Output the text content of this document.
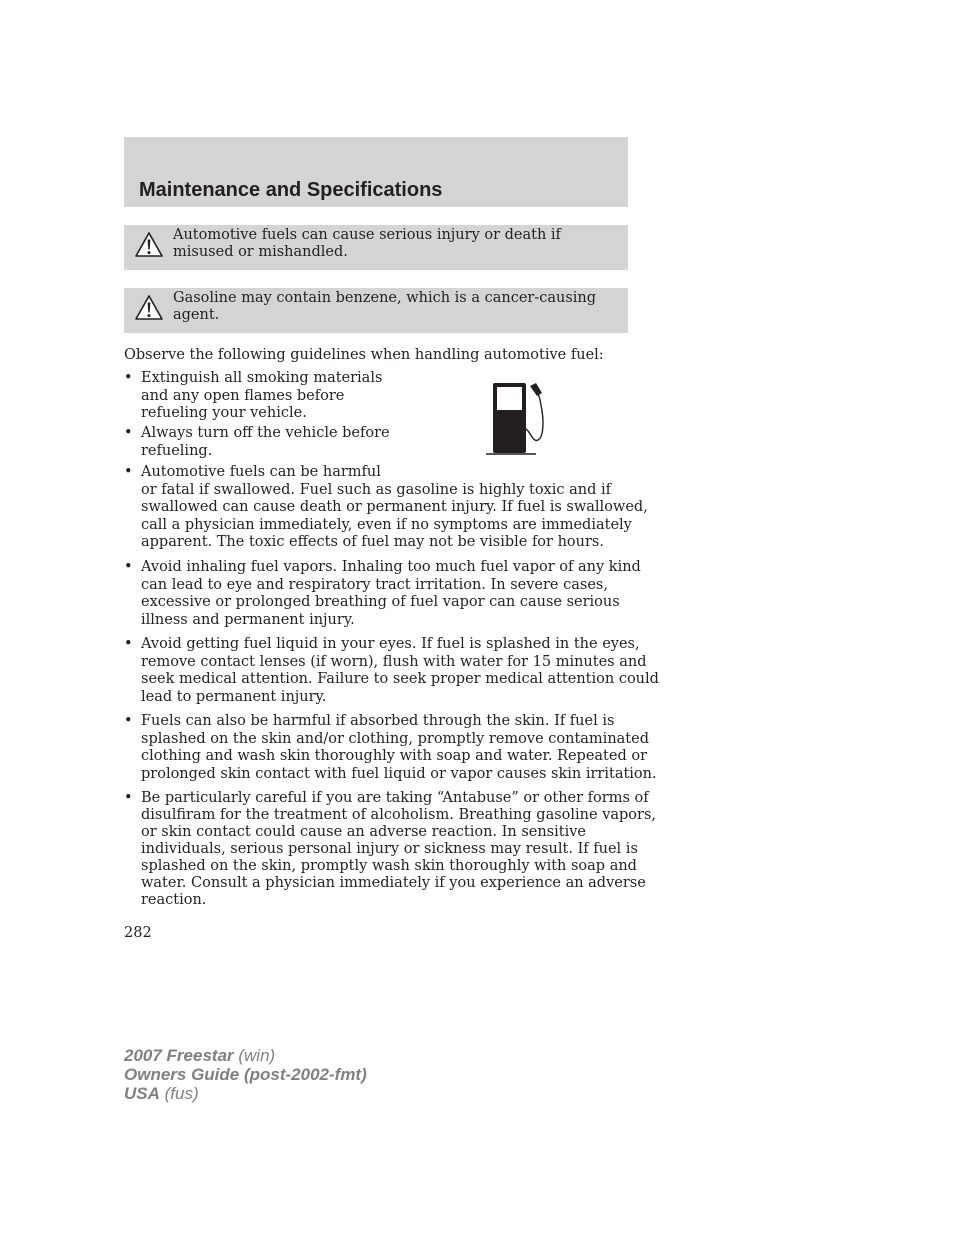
Maintenance and Specifications
Automotive fuels can cause serious injury or death if misused or mishandled.
Gasoline may contain benzene, which is a cancer-causing agent.
Observe the following guidelines when handling automotive fuel:
• Extinguish all smoking materials
and any open flames before
refueling your vehicle.
• Always turn off the vehicle before
refueling.
• Automotive fuels can be harmful
or fatal if swallowed. Fuel such as gasoline is highly toxic and if
swallowed can cause death or permanent injury. If fuel is swallowed,
call a physician immediately, even if no symptoms are immediately
apparent. The toxic effects of fuel may not be visible for hours.
• Avoid inhaling fuel vapors. Inhaling too much fuel vapor of any kind
can lead to eye and respiratory tract irritation. In severe cases,
excessive or prolonged breathing of fuel vapor can cause serious
illness and permanent injury.
• Avoid getting fuel liquid in your eyes. If fuel is splashed in the eyes,
remove contact lenses (if worn), flush with water for 15 minutes and
seek medical attention. Failure to seek proper medical attention could
lead to permanent injury.
• Fuels can also be harmful if absorbed through the skin. If fuel is
splashed on the skin and/or clothing, promptly remove contaminated
clothing and wash skin thoroughly with soap and water. Repeated or
prolonged skin contact with fuel liquid or vapor causes skin irritation.
• Be particularly careful if you are taking “Antabuse” or other forms of
disulfiram for the treatment of alcoholism. Breathing gasoline vapors,
or skin contact could cause an adverse reaction. In sensitive
individuals, serious personal injury or sickness may result. If fuel is
splashed on the skin, promptly wash skin thoroughly with soap and
water. Consult a physician immediately if you experience an adverse
reaction.
282
2007 Freestar (win)
Owners Guide (post-2002-fmt)
USA (fus)
